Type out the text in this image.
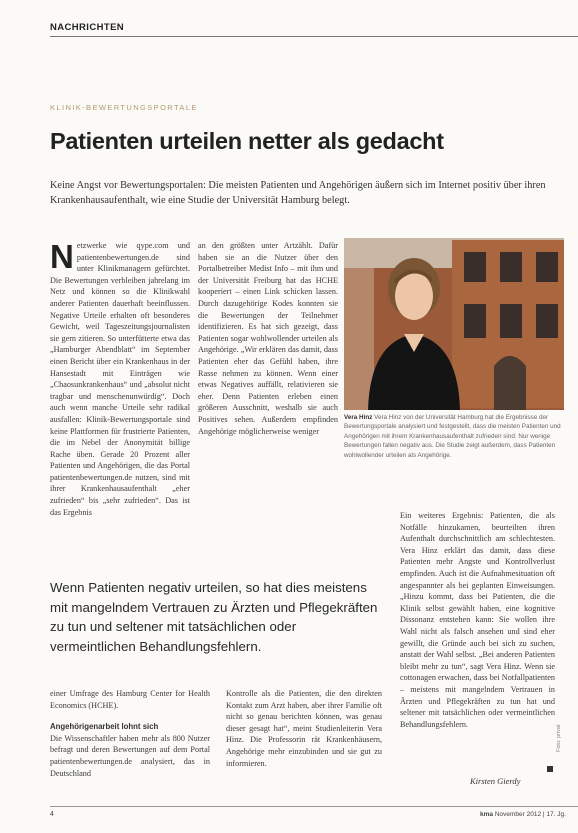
NACHRICHTEN
KLINIK-BEWERTUNGSPORTALE
Patienten urteilen netter als gedacht
Keine Angst vor Bewertungsportalen: Die meisten Patienten und Angehörigen äußern sich im Internet positiv über ihren Krankenhausaufenthalt, wie eine Studie der Universität Hamburg belegt.
Netzwerke wie qype.com und patientenbewertungen.de sind unter Klinikmanagern gefürchtet. Die Bewertungen verbleiben jahrelang im Netz und können so die Klinikwahl anderer Patienten dauerhaft beeinflussen. Negative Urteile erhalten oft besonderes Gewicht, weil Tageszeitungsjournalisten sie gern zitieren. So unterfütterte etwa das „Hamburger Abendblatt“ im September einen Bericht über ein Krankenhaus in der Hansestadt mit Einträgen wie „Chaosunkrankenhaus“ und „absolut nicht tragbar und menschenunwürdig“. Doch auch wenn manche Urteile sehr radikal ausfallen: Klinik-Bewertungsportale sind keine Plattformen für frustrierte Patienten, die im Nebel der Anonymität billige Rache üben. Gerade 20 Prozent aller Patienten und Angehörigen, die das Portal patientenbewertungen.de nutzen, sind mit ihrer Krankenhausaufenthalt „eher zufrieden“ bis „sehr zufrieden“. Das ist das Ergebnis
an den größten unter Artzählt. Dafür haben sie an die Nutzer über den Portalbetreiber Medist Info – mit ihm und der Universität Freiburg hat das HCHE kooperiert – einen Link schicken lassen. Durch dazugehörige Kodes konnten sie die Bewertungen der Teilnehmer identifizieren. Es hat sich gezeigt, dass Patienten sogar wohlwollender urteilen als Angehörige. „Wir erklären das damit, dass Patienten eher das Gefühl haben, ihre Rasse nehmen zu können. Wenn einer etwas Negatives auffällt, relativieren sie eher. Denn Patienten erleben einen größeren Ausschnitt, weshalb sie auch Positives sehen. Außerdem empfinden Angehörige möglicherweise weniger
Vera Hinz Vera Hinz von der Universität Hamburg hat die Ergebnisse der Bewertungsportale analysiert und festgestellt, dass die meisten Patienten und Angehörigen mit ihrem Krankenhausaufenthalt zufrieden sind. Nur wenige Bewertungen fallen negativ aus. Die Studie zeigt außerdem, dass Patienten wohlwollender urteilen als Angehörige.
Ein weiteres Ergebnis: Patienten, die als Notfälle hinzukamen, beurteilten ihren Aufenthalt durchschnittlich am schlechtesten. Vera Hinz erklärt das damit, dass diese Patienten mehr Angste und Kontrollverlust empfinden. Auch ist die Aufnahmesituation oft angespannter als bei geplanten Einweisungen. „Hinzu kommt, dass bei Patienten, die die Klinik selbst gewählt haben, eine kognitive Dissonanz entstehen kann: Sie wollen ihre Wahl nicht als falsch ansehen und sind eher gewillt, die Gründe auch bei sich zu suchen, anstatt der Wahl selbst. „Bei anderen Patienten bleibt mehr zu tun“, sagt Vera Hinz. Wenn sie cottonagen erwachen, dass bei Notfallpatienten – meistens mit mangelndem Vertrauen in Ärzten und Pflegekräften zu tun hat und seltener mit tatsächlichen oder vermeintlichen Behandlungsfehlern.
Wenn Patienten negativ urteilen, so hat dies meistens mit mangelndem Vertrauen zu Ärzten und Pflegekräften zu tun und seltener mit tatsächlichen oder vermeintlichen Behandlungsfehlern.

einer Umfrage des Hamburg Center for Health Economics (HCHE).

Angehörigenarbeit lohnt sich

Die Wissenschaftler haben mehr als 800 Nutzer befragt und deren Bewertungen auf dem Portal patientenbewertungen.de analysiert, das in Deutschland

Kontrolle als die Patienten, die den direkten Kontakt zum Arzt haben, aber ihrer Familie oft nicht so genau berichten können, was genau dieser gesagt hat“, meint Studienleiterin Vera Hinz. Die Professorin rät Krankenhäusern, Angehörige mehr einzubinden und sie gut zu informieren.
Kirsten Gierdy
Foto: privat
4	kma November 2012 | 17. Jg.
